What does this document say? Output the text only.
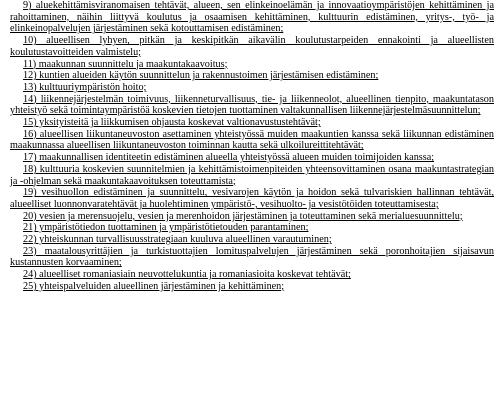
9) aluekehittämisviranomaisen tehtävät, alueen, sen elinkeinoelämän ja innovaatioympäristöjen kehittäminen ja rahoittaminen, näihin liittyvä koulutus ja osaamisen kehittäminen, kulttuurin edistäminen, yritys-, työ- ja elinkeinopalvelujen järjestäminen sekä kotouttamisen edistäminen;

10) alueellisen lyhyen, pitkän ja keskipitkän aikavälin koulutustarpeiden ennakointi ja alueellisten koulutustavoitteiden valmistelu;

11) maakunnan suunnittelu ja maakuntakaavoitus;

12) kuntien alueiden käytön suunnittelun ja rakennustoimen järjestämisen edistäminen;

13) kulttuuriympäristön hoito;

14) liikennejärjestelmän toimivuus, liikenneturvallisuus, tie- ja liikenneolot, alueellinen tienpito, maakuntatason yhteistyö sekä toimintaympäristöä koskevien tietojen tuottaminen valtakunnallisen liikennejärjestelmäsuunnittelun;

15) yksityisteitä ja liikkumisen ohjausta koskevat valtionavustustehtävät;

16) alueellisen liikuntaneuvoston asettaminen yhteistyössä muiden maakuntien kanssa sekä liikunnan edistäminen maakunnassa alueellisen liikuntaneuvoston toiminnan kautta sekä ulkoilureittitehtävät;

17) maakunnallisen identiteetin edistäminen alueella yhteistyössä alueen muiden toimijoiden kanssa;

18) kulttuuria koskevien suunnitelmien ja kehittämistoimenpiteiden yhteensovittaminen osana maakuntastrategian ja -ohjelman sekä maakuntakaavoituksen toteuttamista;

19) vesihuollon edistäminen ja suunnittelu, vesivarojen käytön ja hoidon sekä tulvariskien hallinnan tehtävät, alueelliset luonnonvaratehtävät ja huolehtiminen ympäristö-, vesihuolto- ja vesistötöiden toteuttamisesta;

20) vesien ja merensuojelu, vesien ja merenhoidon järjestäminen ja toteuttaminen sekä merialuesuunnittelu;

21) ympäristötiedon tuottaminen ja ympäristötietouden parantaminen;

22) yhteiskunnan turvallisuusstrategiaan kuuluva alueellinen varautuminen;

23) maatalousyrittäjien ja turkistuottajien lomituspalvelujen järjestäminen sekä poronhoitajien sijaisavun kustannusten korvaaminen;

24) alueelliset romaniasiain neuvottelukuntia ja romaniasioita koskevat tehtävät;

25) yhteispalveluiden alueellinen järjestäminen ja kehittäminen;
